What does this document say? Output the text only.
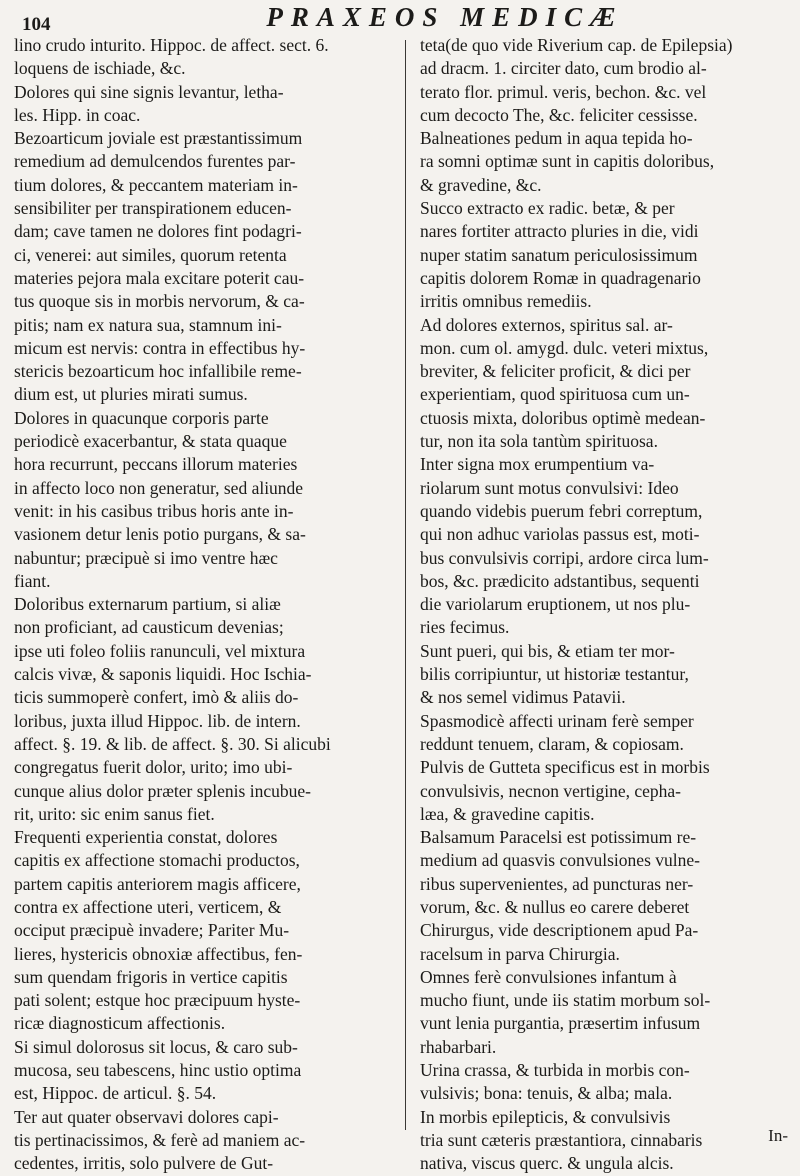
104	PRAXEOS MEDICÆ
lino crudo inturito. Hippoc. de affect. sect. 6.
loquens de ischiade, &c.
Dolores qui sine signis levantur, letha-
les. Hipp. in coac.
Bezoarticum joviale est præstantissimum
remedium ad demulcendos furentes par-
tium dolores, & peccantem materiam in-
sensibiliter per transpirationem educen-
dam; cave tamen ne dolores fint podagri-
ci, venerei: aut similes, quorum retenta
materies pejora mala excitare poterit cau-
tus quoque sis in morbis nervorum, & ca-
pitis; nam ex natura sua, stamnum ini-
micum est nervis: contra in effectibus hy-
stericis bezoarticum hoc infallibile reme-
dium est, ut pluries mirati sumus.
Dolores in quacunque corporis parte
periodicè exacerbantur, & stata quaque
hora recurrunt, peccans illorum materies
in affecto loco non generatur, sed aliunde
venit: in his casibus tribus horis ante in-
vasionem detur lenis potio purgans, & sa-
nabuntur; præcipuè si imo ventre hæc
fiant.
Doloribus externarum partium, si aliæ
non proficiant, ad causticum devenias;
ipse uti foleo foliis ranunculi, vel mixtura
calcis vivæ, & saponis liquidi. Hoc Ischia-
ticis summoperè confert, imò & aliis do-
loribus, juxta illud Hippoc. lib. de intern.
affect. §. 19. & lib. de affect. §. 30. Si alicubi
congregatus fuerit dolor, urito; imo ubi-
cunque alius dolor præter splenis incubue-
rit, urito: sic enim sanus fiet.
Frequenti experientia constat, dolores
capitis ex affectione stomachi productos,
partem capitis anteriorem magis afficere,
contra ex affectione uteri, verticem, &
occiput præcipuè invadere; Pariter Mu-
lieres, hystericis obnoxiæ affectibus, fen-
sum quendam frigoris in vertice capitis
pati solent; estque hoc præcipuum hyste-
ricæ diagnosticum affectionis.
Si simul dolorosus sit locus, & caro sub-
mucosa, seu tabescens, hinc ustio optima
est, Hippoc. de articul. §. 54.
Ter aut quater observavi dolores capi-
tis pertinacissimos, & ferè ad maniem ac-
cedentes, irritis, solo pulvere de Gut-
teta(de quo vide Riverium cap. de Epilepsia)
ad dracm. 1. circiter dato, cum brodio al-
terato flor. primul. veris, bechon. &c. vel
cum decocto The, &c. feliciter cessisse.
Balneationes pedum in aqua tepida ho-
ra somni optimæ sunt in capitis doloribus,
& gravedine, &c.
Succo extracto ex radic. betæ, & per
nares fortiter attracto pluries in die, vidi
nuper statim sanatum periculosissimum
capitis dolorem Romæ in quadragenario
irritis omnibus remediis.
Ad dolores externos, spiritus sal. ar-
mon. cum ol. amygd. dulc. veteri mixtus,
breviter, & feliciter proficit, & dici per
experientiam, quod spirituosa cum un-
ctuosis mixta, doloribus optimè medean-
tur, non ita sola tantùm spirituosa.
Inter signa mox erumpentium va-
riolarum sunt motus convulsivi: Ideo
quando videbis puerum febri correptum,
qui non adhuc variolas passus est, moti-
bus convulsivis corripi, ardore circa lum-
bos, &c. prædicito adstantibus, sequenti
die variolarum eruptionem, ut nos plu-
ries fecimus.
Sunt pueri, qui bis, & etiam ter mor-
bilis corripiuntur, ut historiæ testantur,
& nos semel vidimus Patavii.
Spasmodicè affecti urinam ferè semper
reddunt tenuem, claram, & copiosam.
Pulvis de Gutteta specificus est in morbis
convulsivis, necnon vertigine, cepha-
læa, & gravedine capitis.
Balsamum Paracelsi est potissimum re-
medium ad quasvis convulsiones vulne-
ribus supervenientes, ad puncturas ner-
vorum, &c. & nullus eo carere deberet
Chirurgus, vide descriptionem apud Pa-
racelsum in parva Chirurgia.
Omnes ferè convulsiones infantum à
mucho fiunt, unde iis statim morbum sol-
vunt lenia purgantia, præsertim infusum
rhabarbari.
Urina crassa, & turbida in morbis con-
vulsivis; bona: tenuis, & alba; mala.
In morbis epilepticis, & convulsivis
tria sunt cæteris præstantiora, cinnabaris
nativa, viscus querc. & ungula alcis.
In-
